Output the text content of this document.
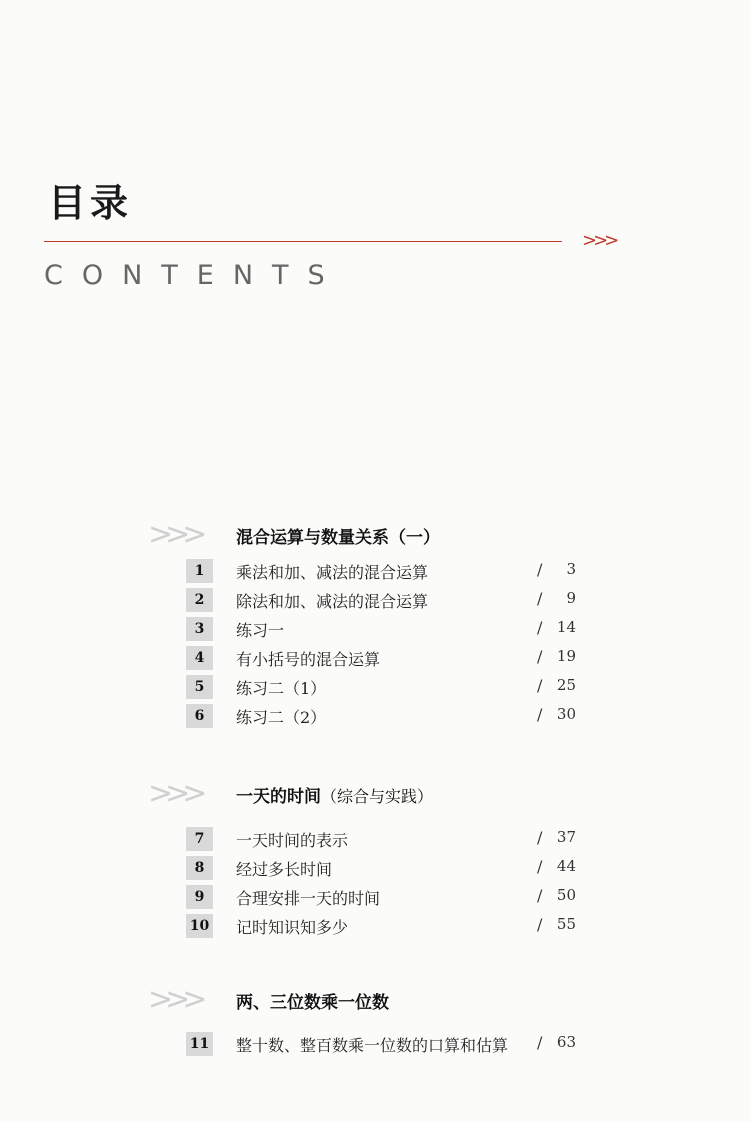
目录
>>>
CONTENTS
>>> 混合运算与数量关系（一）
1	乘法和加、减法的混合运算	/	3
2	除法和加、减法的混合运算	/	9
3	练习一	/ 14
4	有小括号的混合运算	/ 19
5	练习二（1）	/ 25
6	练习二（2）	/ 30
>>> 一天的时间（综合与实践）
7	一天时间的表示	/ 37
8	经过多长时间	/ 44
9	合理安排一天的时间	/ 50
10 记时知识知多少	/ 55
>>> 两、三位数乘一位数
11 整十数、整百数乘一位数的口算和估算 / 63
